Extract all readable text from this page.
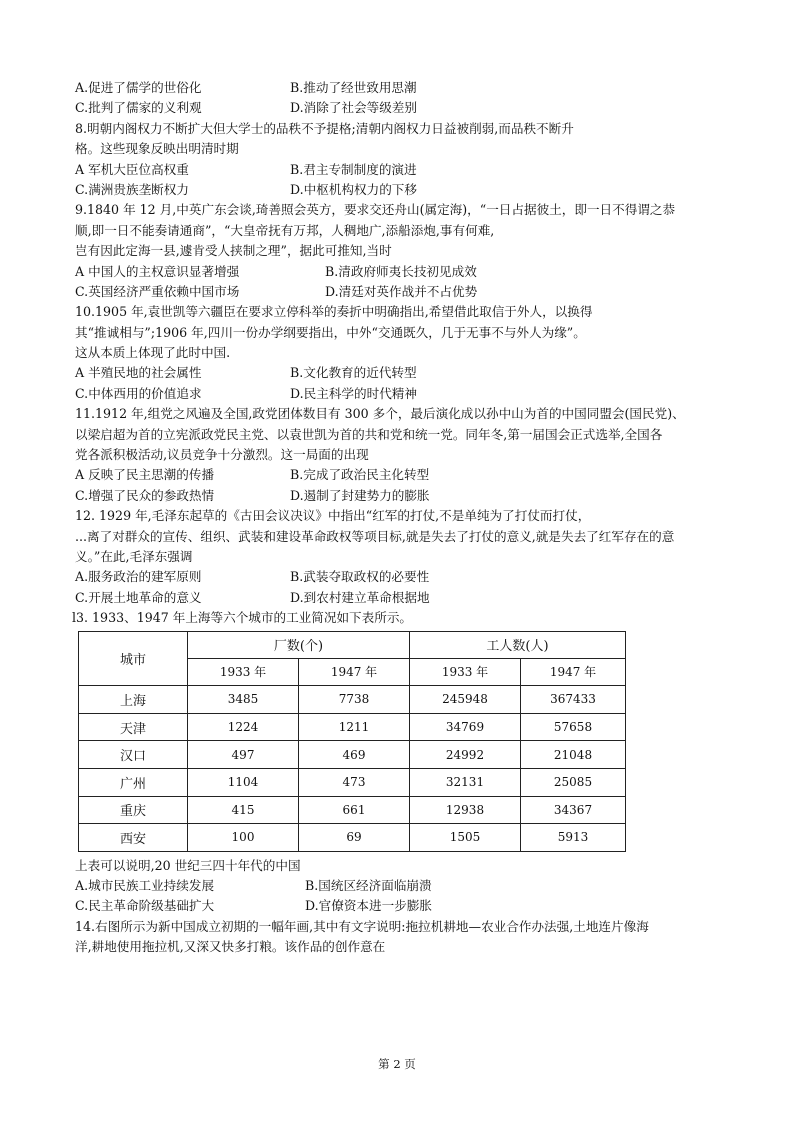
A.促进了儒学的世俗化	B.推动了经世致用思潮
C.批判了儒家的义利观	D.消除了社会等级差别
8.明朝内阁权力不断扩大但大学士的品秩不予提格;清朝内阁权力日益被削弱,而品秩不断升
格。这些现象反映出明清时期
A 军机大臣位高权重	B.君主专制制度的演进
C.满洲贵族垄断权力	D.中枢机构权力的下移
9.1840 年 12 月,中英广东会谈,琦善照会英方，要求交还舟山(属定海)，“一日占据彼土，即一日不得谓之恭
顺,即一日不能奏请通商”，“大皇帝抚有万邦，人稠地广,添船添炮,事有何难,
岂有因此定海一县,遽肯受人挟制之理”，据此可推知,当时
A 中国人的主权意识显著增强	B.清政府师夷长技初见成效
C.英国经济严重依赖中国市场	D.清廷对英作战并不占优势
10.1905 年,袁世凯等六疆臣在要求立停科举的奏折中明确指出,希望借此取信于外人，以换得
其“推诚相与”;1906 年,四川一份办学纲要指出，中外“交通既久，几于无事不与外人为缘”。
这从本质上体现了此时中国.
A 半殖民地的社会属性	B.文化教育的近代转型
C.中体西用的价值追求	D.民主科学的时代精神
11.1912 年,组党之风遍及全国,政党团体数目有 300 多个，最后演化成以孙中山为首的中国同盟会(国民党)、
以梁启超为首的立宪派政党民主党、以袁世凯为首的共和党和统一党。同年冬,第一届国会正式选举,全国各
党各派积极活动,议员竞争十分激烈。这一局面的出现
A 反映了民主思潮的传播	B.完成了政治民主化转型
C.增强了民众的参政热情	D.遏制了封建势力的膨胀
12. 1929 年,毛泽东起草的《古田会议决议》中指出“红军的打仗,不是单纯为了打仗而打仗，
...离了对群众的宣传、组织、武装和建设革命政权等项目标,就是失去了打仗的意义,就是失去了红军存在的意
义。”在此,毛泽东强调
A.服务政治的建军原则	B.武装夺取政权的必要性
C.开展土地革命的意义	D.到农村建立革命根据地
l3. 1933、1947 年上海等六个城市的工业简况如下表所示。
城市	厂数(个)		工人数(人)	
	1933 年	1947 年	1933 年	1947 年
上海	3485	7738	245948	367433
天津	1224	1211	34769	57658
汉口	497	469	24992	21048
广州	1104	473	32131	25085
重庆	415	661	12938	34367
西安	100	69	1505	5913
上表可以说明,20 世纪三四十年代的中国
A.城市民族工业持续发展	B.国统区经济面临崩溃
C.民主革命阶级基础扩大	D.官僚资本进一步膨胀
14.右图所示为新中国成立初期的一幅年画,其中有文字说明:拖拉机耕地—农业合作办法强,土地连片像海
洋,耕地使用拖拉机,又深又快多打粮。该作品的创作意在
第 2 页
